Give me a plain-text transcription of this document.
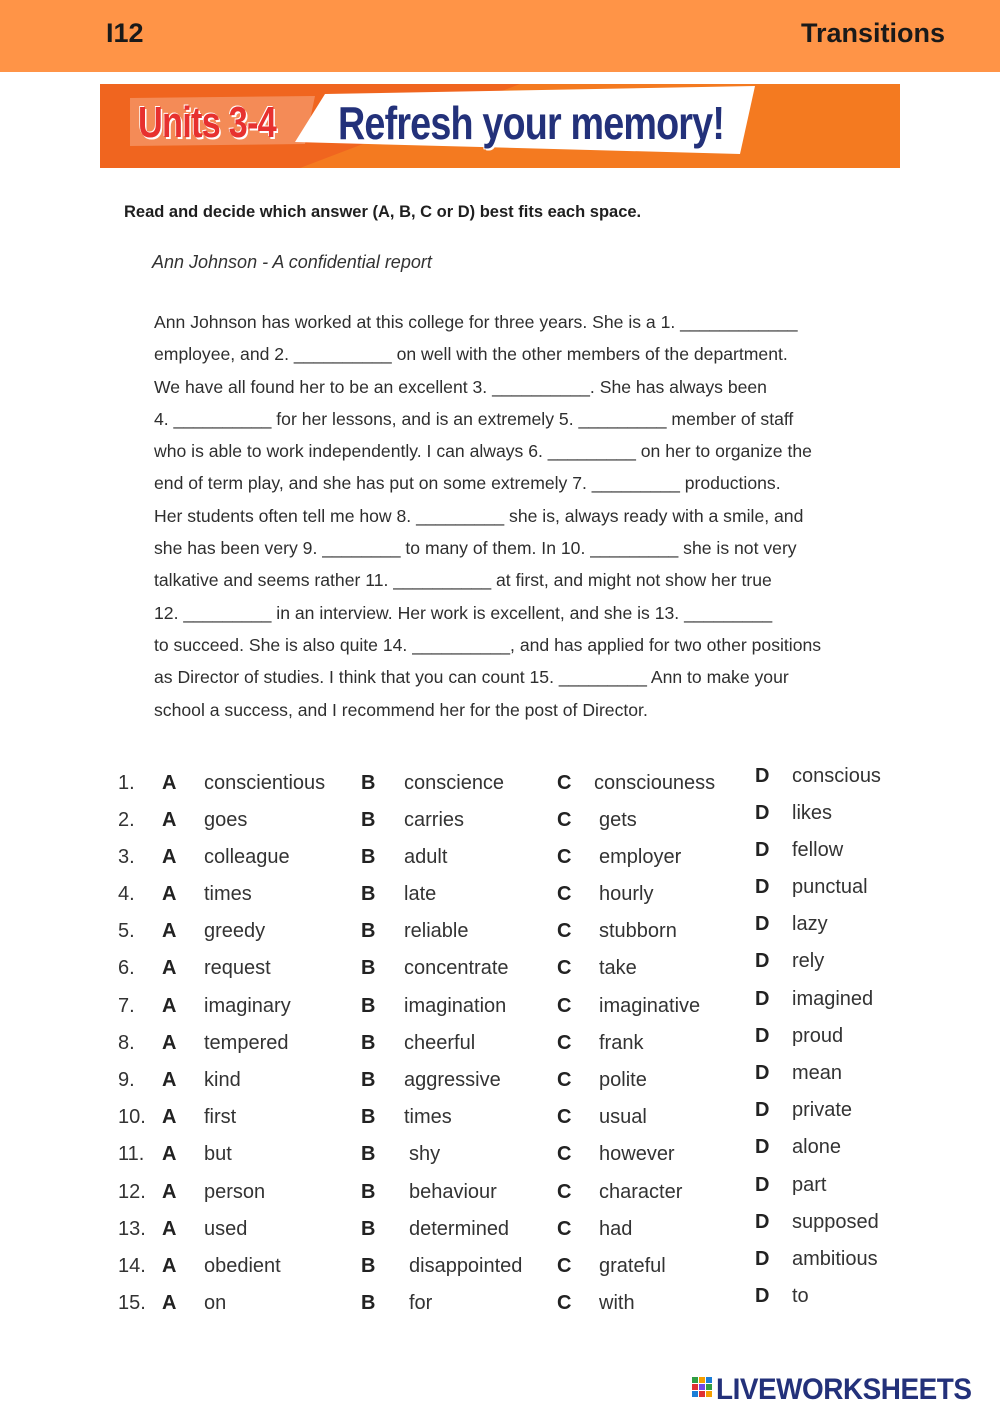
I12	Transitions
Units 3-4 Refresh your memory!
Read and decide which answer (A, B, C or D) best fits each space.
Ann Johnson - A confidential report
Ann Johnson has worked at this college for three years. She is a 1. ____________
employee, and 2. __________ on well with the other members of the department.
We have all found her to be an excellent 3. __________. She has always been
4. __________ for her lessons, and is an extremely 5. _________ member of staff
who is able to work independently. I can always 6. _________ on her to organize the
end of term play, and she has put on some extremely 7. _________ productions.
Her students often tell me how 8. _________ she is, always ready with a smile, and
she has been very 9. ________ to many of them. In 10. _________ she is not very
talkative and seems rather 11. __________ at first, and might not show her true
12. _________ in an interview. Her work is excellent, and she is 13. _________
to succeed. She is also quite 14. __________, and has applied for two other positions
as Director of studies. I think that you can count 15. _________ Ann to make your
school a success, and I recommend her for the post of Director.
1. A conscientious B conscience	C consciouness D conscious
2. A goes	B carries	C gets	D likes
3. A colleague	B adult	C employer	D fellow
4. A times	B late	C hourly	D punctual
5. A greedy	B reliable	C stubborn	D lazy
6. A request	B concentrate C take	D rely
7. A imaginary	B imagination	C imaginative	D imagined
8. A tempered	B cheerful	C frank	D proud
9. A kind	B aggressive	C polite	D mean
10. A first	B times	C usual	D private
11. A but	B shy	C however	D alone
12. A person	B behaviour	C character	D part
13. A used	B determined C had	D supposed
14. A obedient	B disappointed C grateful	D ambitious
15. A on	B for	C with	D to
LIVEWORKSHEETS
